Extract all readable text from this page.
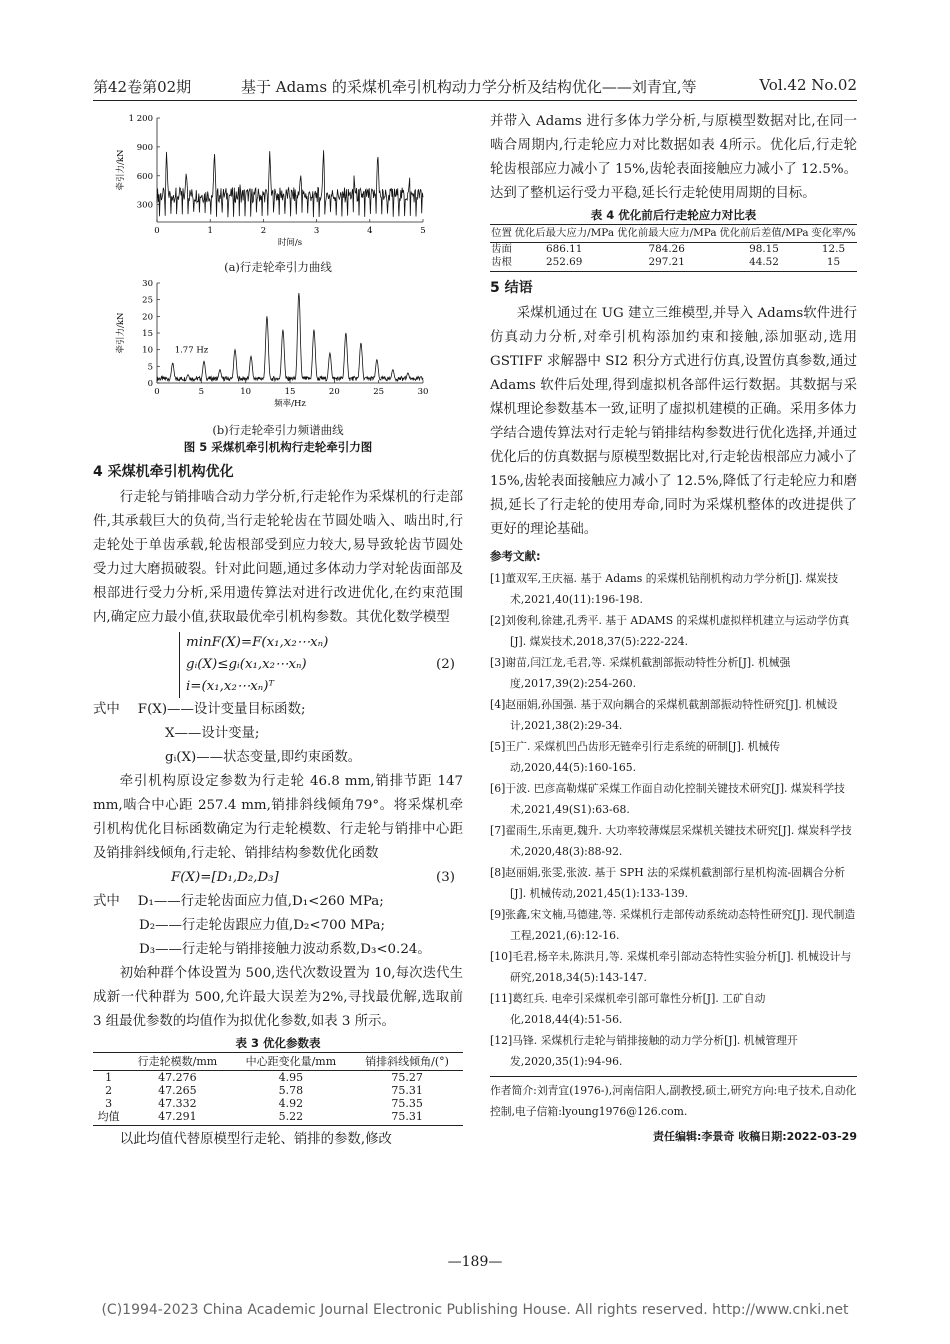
第42卷第02期	基于 Adams 的采煤机牵引机构动力学分析及结构优化——刘青宜,等	Vol.42 No.02
300
600
900
1 200
0	1	2	3	4	5
时间/s
牵引力/kN
(a)行走轮牵引力曲线
0
5
10
15
20
25
30
0	5	10	15	20	25	30
频率/Hz
牵引力/kN	1.77 Hz
(b)行走轮牵引力频谱曲线
图 5 采煤机牵引机构行走轮牵引力图
4 采煤机牵引机构优化
行走轮与销排啮合动力学分析,行走轮作为采煤机的行走部件,其承载巨大的负荷,当行走轮轮齿在节圆处啮入、啮出时,行走轮处于单齿承载,轮齿根部受到应力较大,易导致轮齿节圆处受力过大磨损破裂。针对此问题,通过多体动力学对轮齿面部及根部进行受力分析,采用遗传算法对进行改进优化,在约束范围内,确定应力最小值,获取最优牵引机构参数。其优化数学模型
minF(X)=F(x₁,x₂⋯xₙ)
gᵢ(X)≤gᵢ(x₁,x₂⋯xₙ)
i=(x₁,x₂⋯xₙ)ᵀ
(2)
式中 F(X)——设计变量目标函数;
X——设计变量;
gᵢ(X)——状态变量,即约束函数。
牵引机构原设定参数为行走轮 46.8 mm,销排节距 147 mm,啮合中心距 257.4 mm,销排斜线倾角79°。将采煤机牵引机构优化目标函数确定为行走轮模数、行走轮与销排中心距及销排斜线倾角,行走轮、销排结构参数优化函数
F(X)=[D₁,D₂,D₃]	(3)
式中 D₁——行走轮齿面应力值,D₁<260 MPa;
D₂——行走轮齿跟应力值,D₂<700 MPa;
D₃——行走轮与销排接触力波动系数,D₃<0.24。
初始种群个体设置为 500,迭代次数设置为 10,每次迭代生成新一代种群为 500,允许最大误差为2%,寻找最优解,选取前 3 组最优参数的均值作为拟优化参数,如表 3 所示。
表 3 优化参数表
	行走轮模数/mm	中心距变化量/mm	销排斜线倾角/(°)
1	47.276	4.95	75.27
2	47.265	5.78	75.31
3	47.332	4.92	75.35
均值	47.291	5.22	75.31
以此均值代替原模型行走轮、销排的参数,修改
并带入 Adams 进行多体力学分析,与原模型数据对比,在同一啮合周期内,行走轮应力对比数据如表 4所示。优化后,行走轮轮齿根部应力减小了 15%,齿轮表面接触应力减小了 12.5%。达到了整机运行受力平稳,延长行走轮使用周期的目标。
表 4 优化前后行走轮应力对比表
位置	优化后最大应力/MPa	优化前最大应力/MPa	优化前后差值/MPa	变化率/%
齿面	686.11	784.26	98.15	12.5
齿根	252.69	297.21	44.52	15
5 结语
采煤机通过在 UG 建立三维模型,并导入 Adams软件进行仿真动力分析,对牵引机构添加约束和接触,添加驱动,选用 GSTIFF 求解器中 SI2 积分方式进行仿真,设置仿真参数,通过 Adams 软件后处理,得到虚拟机各部件运行数据。其数据与采煤机理论参数基本一致,证明了虚拟机建模的正确。采用多体力学结合遗传算法对行走轮与销排结构参数进行优化选择,并通过优化后的仿真数据与原模型数据比对,行走轮齿根部应力减小了 15%,齿轮表面接触应力减小了 12.5%,降低了行走轮应力和磨损,延长了行走轮的使用寿命,同时为采煤机整体的改进提供了更好的理论基础。
参考文献:
[1]董双军,王庆福. 基于 Adams 的采煤机钻削机构动力学分析[J]. 煤炭技术,2021,40(11):196-198.
[2]刘俊利,徐建,孔秀平. 基于 ADAMS 的采煤机虚拟样机建立与运动学仿真[J]. 煤炭技术,2018,37(5):222-224.
[3]谢苗,闫江龙,毛君,等. 采煤机截割部振动特性分析[J]. 机械强度,2017,39(2):254-260.
[4]赵丽娟,孙国强. 基于双向耦合的采煤机截割部振动特性研究[J]. 机械设计,2021,38(2):29-34.
[5]王广. 采煤机凹凸齿形无链牵引行走系统的研制[J]. 机械传动,2020,44(5):160-165.
[6]于波. 巴彦高勒煤矿采煤工作面自动化控制关键技术研究[J]. 煤炭科学技术,2021,49(S1):63-68.
[7]翟雨生,乐南更,魏升. 大功率较薄煤层采煤机关键技术研究[J]. 煤炭科学技术,2020,48(3):88-92.
[8]赵丽娟,张雯,张波. 基于 SPH 法的采煤机截割部行星机构流-固耦合分析[J]. 机械传动,2021,45(1):133-139.
[9]张鑫,宋文楠,马德建,等. 采煤机行走部传动系统动态特性研究[J]. 现代制造工程,2021,(6):12-16.
[10]毛君,杨辛未,陈洪月,等. 采煤机牵引部动态特性实验分析[J]. 机械设计与研究,2018,34(5):143-147.
[11]葛红兵. 电牵引采煤机牵引部可靠性分析[J]. 工矿自动化,2018,44(4):51-56.
[12]马锋. 采煤机行走轮与销排接触的动力学分析[J]. 机械管理开发,2020,35(1):94-96.
作者简介:刘青宜(1976-),河南信阳人,副教授,硕士,研究方向:电子技术,自动化控制,电子信箱:lyoung1976@126.com.
责任编辑:李景奇 收稿日期:2022-03-29
—189—
(C)1994-2023 China Academic Journal Electronic Publishing House. All rights reserved. http://www.cnki.net
